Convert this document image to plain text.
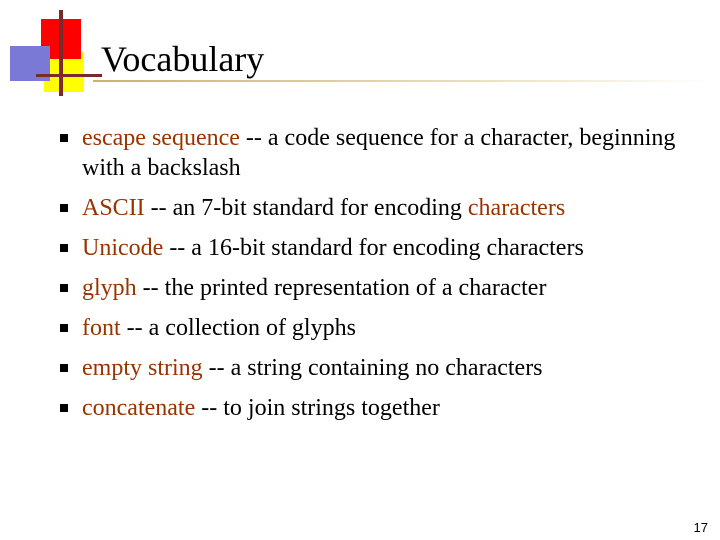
Vocabulary
escape sequence -- a code sequence for a character, beginning with a backslash
ASCII -- an 7-bit standard for encoding characters
Unicode -- a 16-bit standard for encoding characters
glyph -- the printed representation of a character
font -- a collection of glyphs
empty string -- a string containing no characters
concatenate -- to join strings together
17
